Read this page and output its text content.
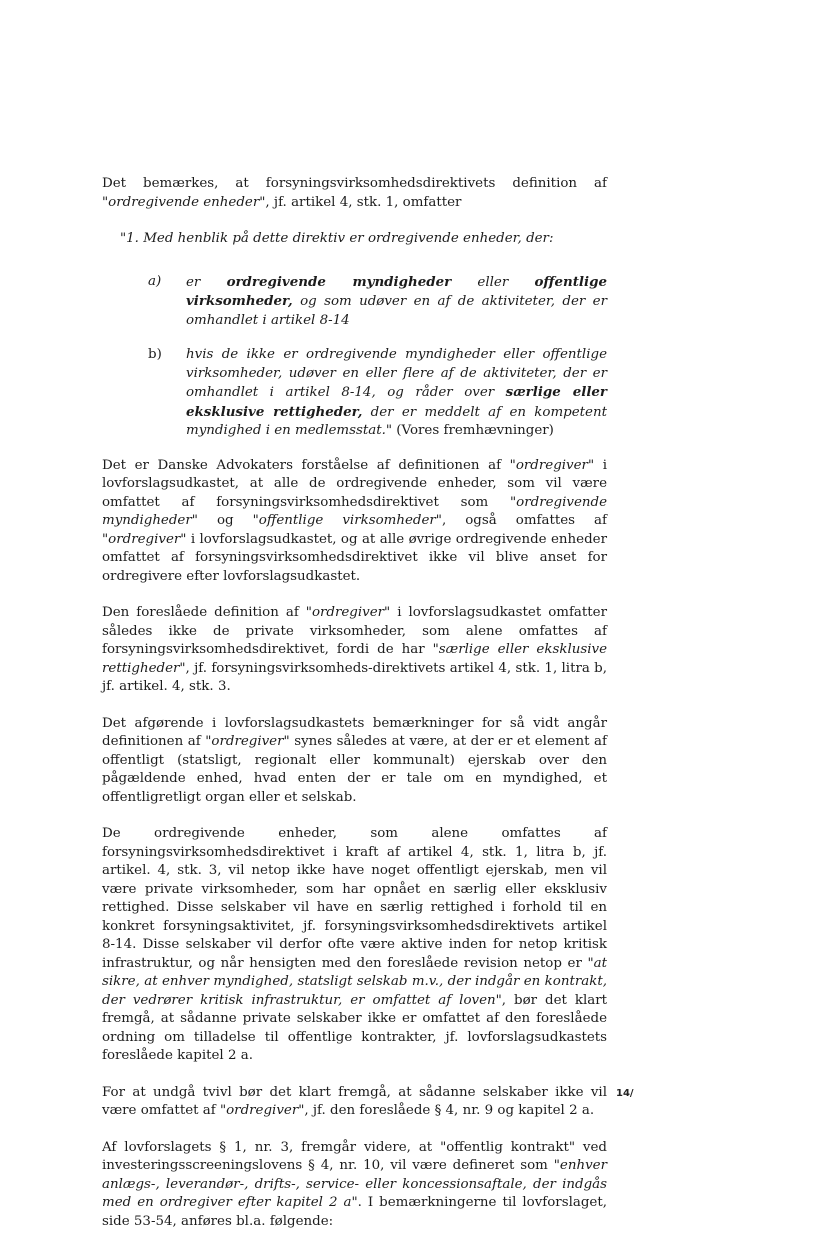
Det bemærkes, at forsyningsvirksomhedsdirektivets definition af "ordregivende enheder", jf. artikel 4, stk. 1, omfatter

"1. Med henblik på dette direktiv er ordregivende enheder, der:

a) er ordregivende myndigheder eller offentlige virksomheder, og som udøver en af de aktiviteter, der er omhandlet i artikel 8-14
b) hvis de ikke er ordregivende myndigheder eller offentlige virksomheder, udøver en eller flere af de aktiviteter, der er omhandlet i artikel 8-14, og råder over særlige eller eksklusive rettigheder, der er meddelt af en kompetent myndighed i en medlemsstat." (Vores fremhævninger)

Det er Danske Advokaters forståelse af definitionen af "ordregiver" i lovforslagsudkastet, at alle de ordregivende enheder, som vil være omfattet af forsyningsvirksomhedsdirektivet som "ordregivende myndigheder" og "offentlige virksomheder", også omfattes af "ordregiver" i lovforslagsudkastet, og at alle øvrige ordregivende enheder omfattet af forsyningsvirksomhedsdirektivet ikke vil blive anset for ordregivere efter lovforslagsudkastet.

Den foreslåede definition af "ordregiver" i lovforslagsudkastet omfatter således ikke de private virksomheder, som alene omfattes af forsyningsvirksomhedsdirektivet, fordi de har "særlige eller eksklusive rettigheder", jf. forsyningsvirksomheds-direktivets artikel 4, stk. 1, litra b, jf. artikel. 4, stk. 3.

Det afgørende i lovforslagsudkastets bemærkninger for så vidt angår definitionen af "ordregiver" synes således at være, at der er et element af offentligt (statsligt, regionalt eller kommunalt) ejerskab over den pågældende enhed, hvad enten der er tale om en myndighed, et offentligretligt organ eller et selskab.

De ordregivende enheder, som alene omfattes af forsyningsvirksomhedsdirektivet i kraft af artikel 4, stk. 1, litra b, jf. artikel. 4, stk. 3, vil netop ikke have noget offentligt ejerskab, men vil være private virksomheder, som har opnået en særlig eller eksklusiv rettighed. Disse selskaber vil have en særlig rettighed i forhold til en konkret forsyningsaktivitet, jf. forsyningsvirksomhedsdirektivets artikel 8-14. Disse selskaber vil derfor ofte være aktive inden for netop kritisk infrastruktur, og når hensigten med den foreslåede revision netop er "at sikre, at enhver myndighed, statsligt selskab m.v., der indgår en kontrakt, der vedrører kritisk infrastruktur, er omfattet af loven", bør det klart fremgå, at sådanne private selskaber ikke er omfattet af den foreslåede ordning om tilladelse til offentlige kontrakter, jf. lovforslagsudkastets foreslåede kapitel 2 a.

For at undgå tvivl bør det klart fremgå, at sådanne selskaber ikke vil være omfattet af "ordregiver", jf. den foreslåede § 4, nr. 9 og kapitel 2 a.

Af lovforslagets § 1, nr. 3, fremgår videre, at "offentlig kontrakt" ved investeringsscreeningslovens § 4, nr. 10, vil være defineret som "enhver anlægs-, leverandør-, drifts-, service- eller koncessionsaftale, der indgås med en ordregiver efter kapitel 2 a". I bemærkningerne til lovforslaget, side 53-54, anføres bl.a. følgende:

14/
